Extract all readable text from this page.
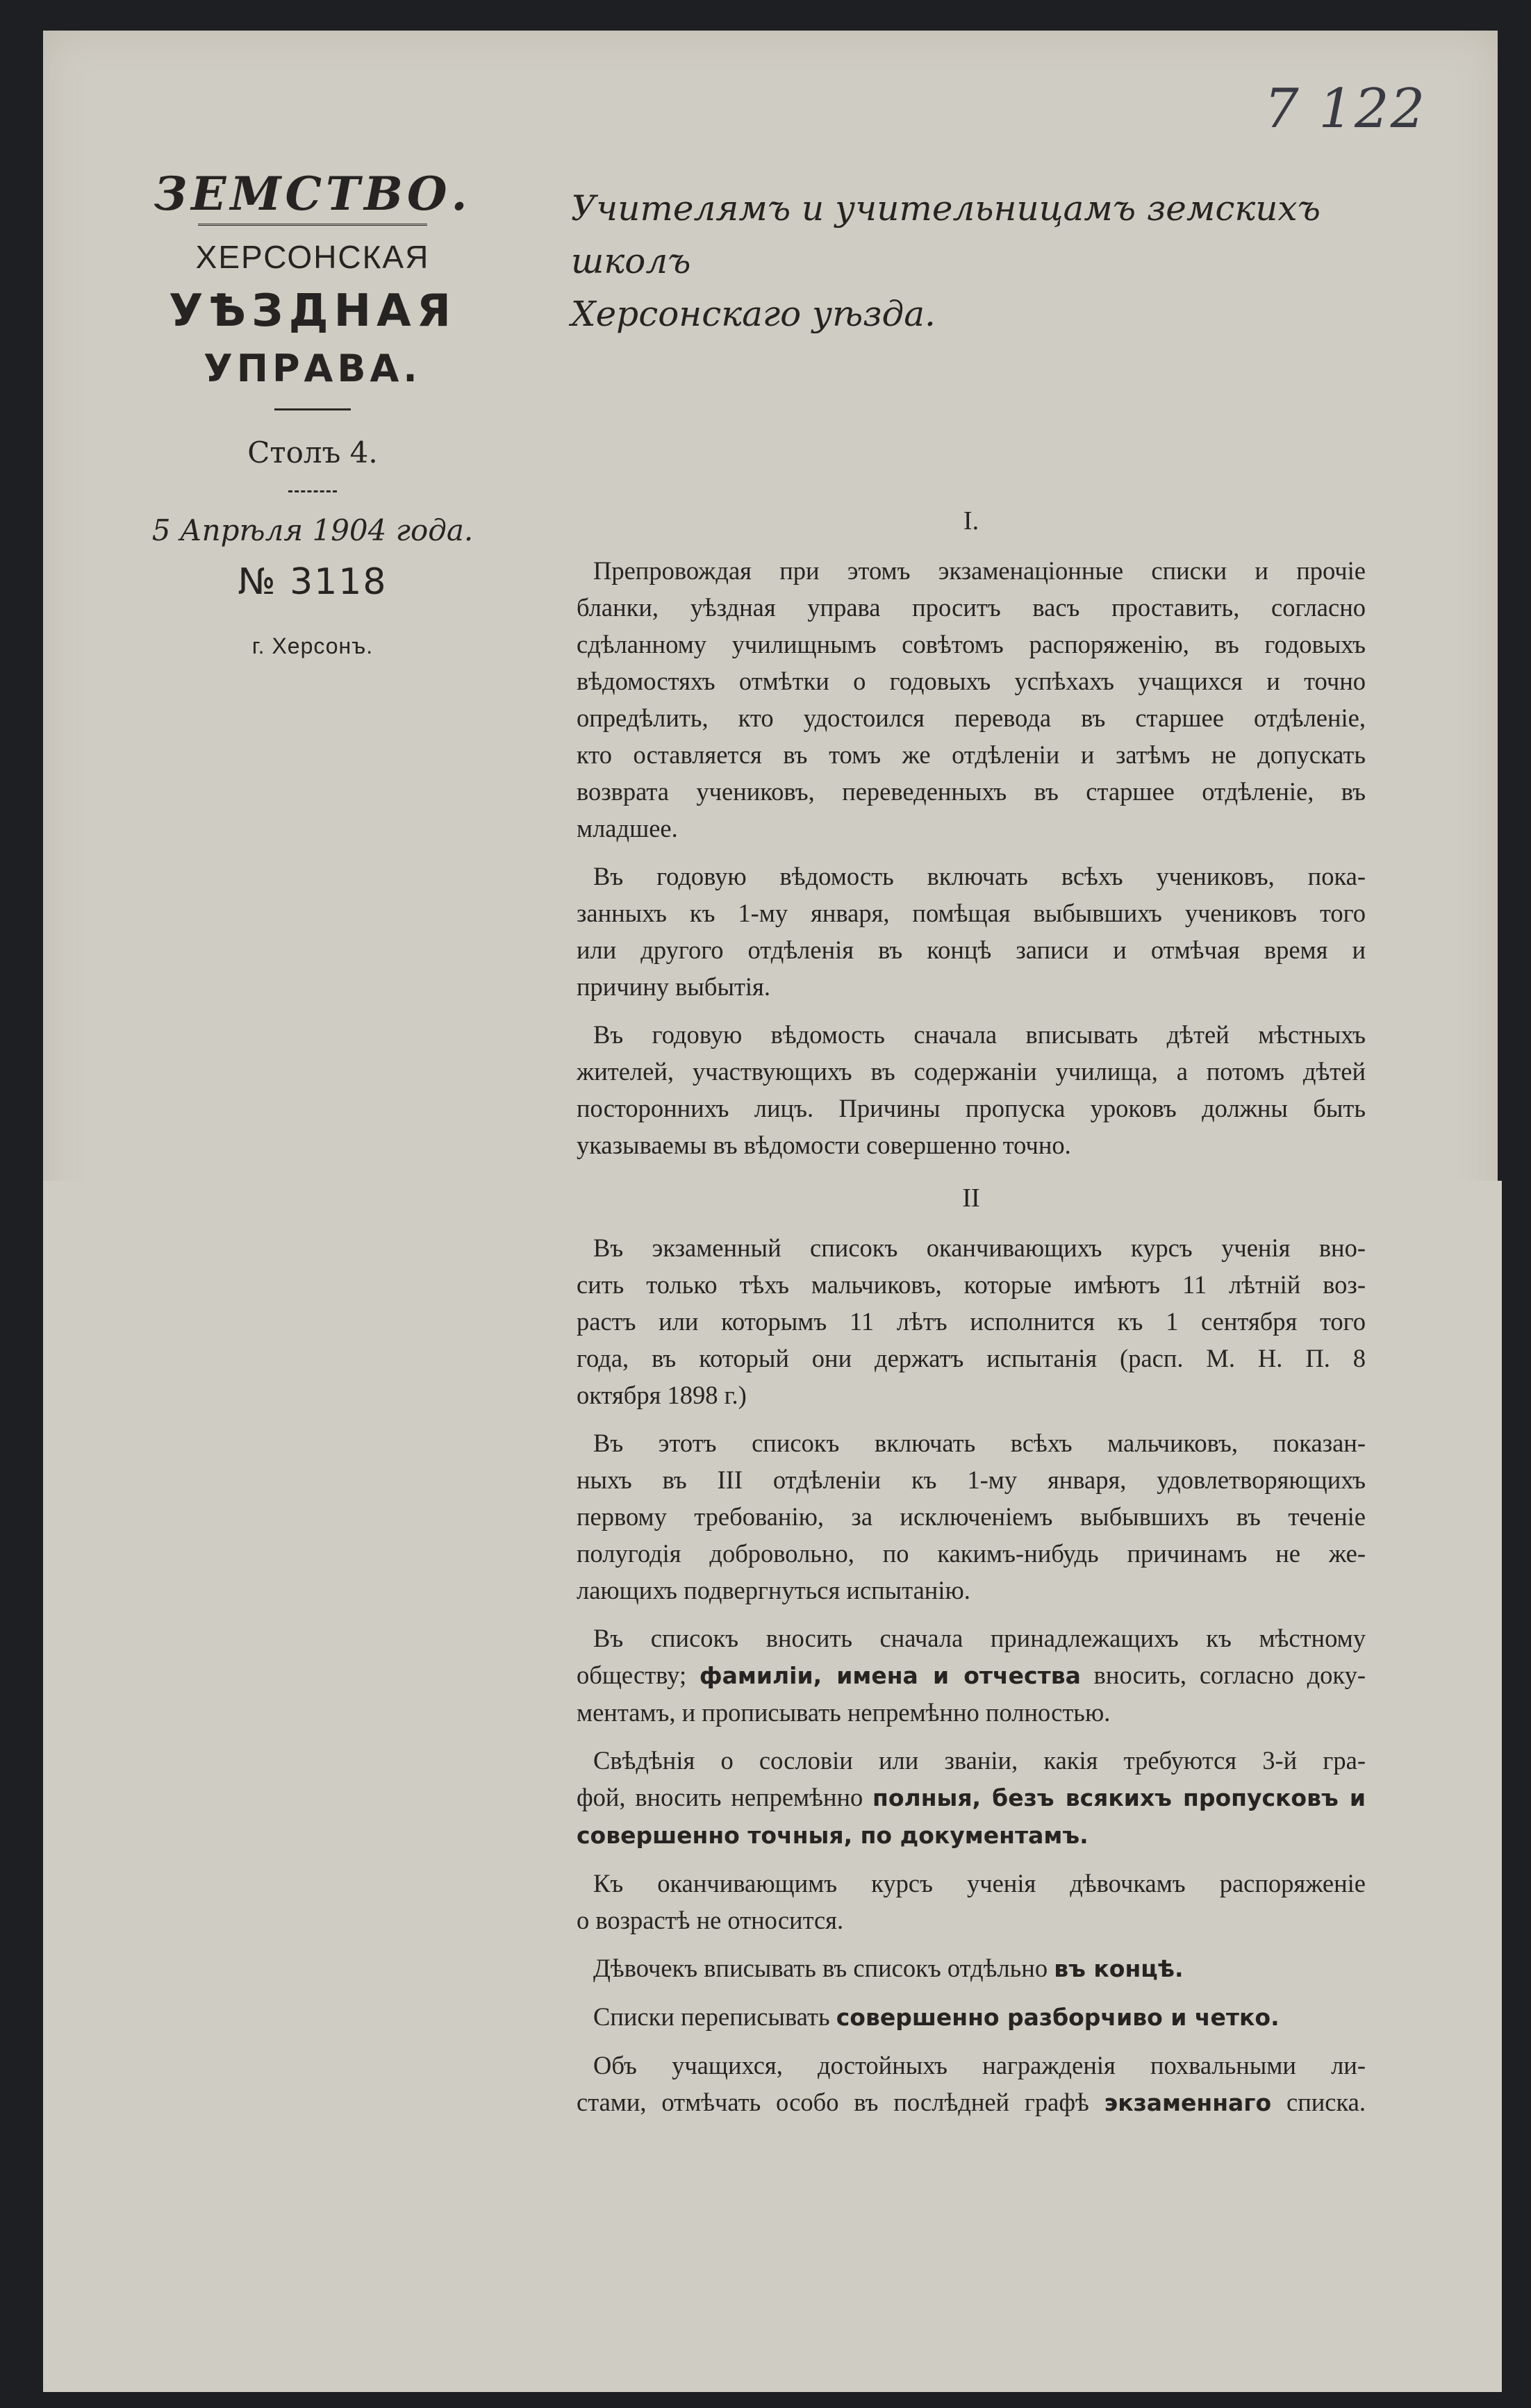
7 122
ЗЕМСТВО.
ХЕРСОНСКАЯ
УѢЗДНАЯ
УПРАВА.
Столъ 4.
5 Апрѣля 1904 года.
№ 3118
г. Херсонъ.
Учителямъ и учительницамъ земскихъ школъ
Херсонскаго уѣзда.
I.

Препровождая при этомъ экзаменаціонные списки и прочіе
бланки, уѣздная управа проситъ васъ проставить, согласно
сдѣланному училищнымъ совѣтомъ распоряженію, въ годовыхъ
вѣдомостяхъ отмѣтки о годовыхъ успѣхахъ учащихся и точно
опредѣлить, кто удостоился перевода въ старшее отдѣленіе,
кто оставляется въ томъ же отдѣленіи и затѣмъ не допускать
возврата учениковъ, переведенныхъ въ старшее отдѣленіе, въ
младшее.

Въ годовую вѣдомость включать всѣхъ учениковъ, пока-
занныхъ къ 1-му января, помѣщая выбывшихъ учениковъ того
или другого отдѣленія въ концѣ записи и отмѣчая время и
причину выбытія.

Въ годовую вѣдомость сначала вписывать дѣтей мѣстныхъ
жителей, участвующихъ въ содержаніи училища, а потомъ дѣтей
постороннихъ лицъ. Причины пропуска уроковъ должны быть
указываемы въ вѣдомости совершенно точно.

II

Въ экзаменный списокъ оканчивающихъ курсъ ученія вно-
сить только тѣхъ мальчиковъ, которые имѣютъ 11 лѣтній воз-
растъ или которымъ 11 лѣтъ исполнится къ 1 сентября того
года, въ который они держатъ испытанія (расп. М. Н. П. 8
октября 1898 г.)

Въ этотъ списокъ включать всѣхъ мальчиковъ, показан-
ныхъ въ III отдѣленіи къ 1-му января, удовлетворяющихъ
первому требованію, за исключеніемъ выбывшихъ въ теченіе
полугодія добровольно, по какимъ-нибудь причинамъ не же-
лающихъ подвергнуться испытанію.

Въ списокъ вносить сначала принадлежащихъ къ мѣстному
обществу; фамиліи, имена и отчества вносить, согласно доку-
ментамъ, и прописывать непремѣнно полностью.

Свѣдѣнія о сословіи или званіи, какія требуются 3-й гра-
фой, вносить непремѣнно полныя, безъ всякихъ пропусковъ и
совершенно точныя, по документамъ.

Къ оканчивающимъ курсъ ученія дѣвочкамъ распоряженіе
о возрастѣ не относится.

Дѣвочекъ вписывать въ списокъ отдѣльно въ концѣ.

Списки переписывать совершенно разборчиво и четко.

Объ учащихся, достойныхъ награжденія похвальными ли-
стами, отмѣчать особо въ послѣдней графѣ экзаменнаго списка.
